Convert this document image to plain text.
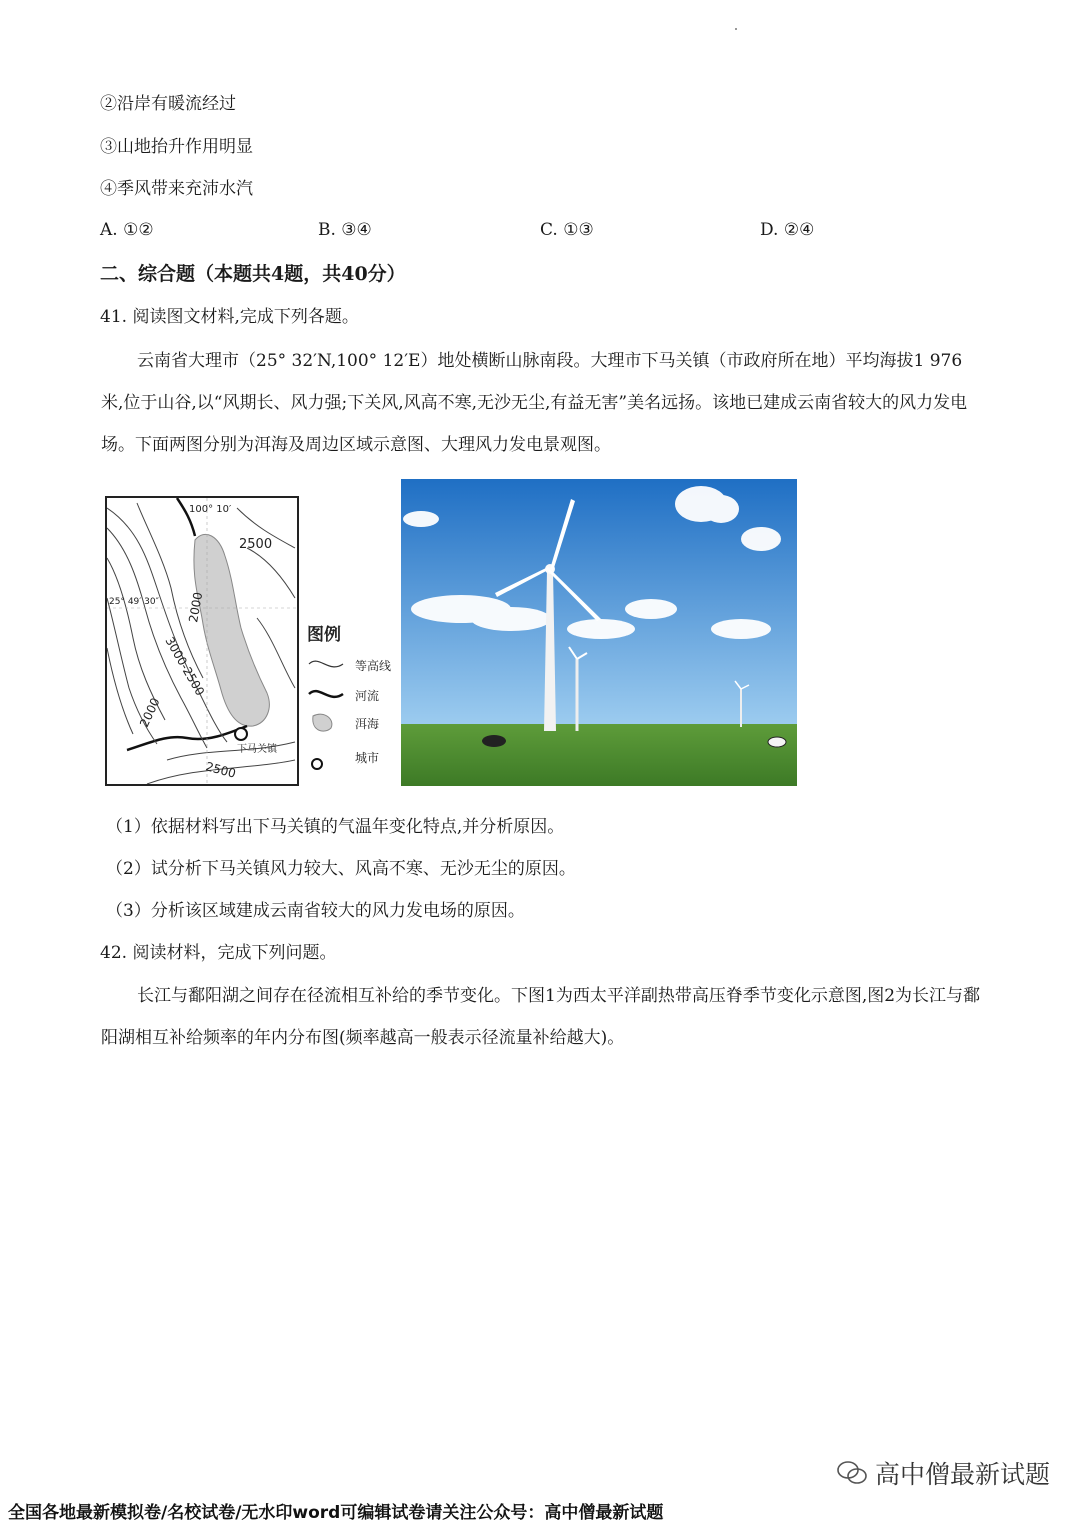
②沿岸有暖流经过
③山地抬升作用明显
④季风带来充沛水汽
A. ①②	B. ③④	C. ①③	D. ②④
二、综合题（本题共4题，共40分）
41. 阅读图文材料,完成下列各题。
云南省大理市（25° 32′N,100° 12′E）地处横断山脉南段。大理市下马关镇（市政府所在地）平均海拔1 976米,位于山谷,以“风期长、风力强;下关风,风高不寒,无沙无尘,有益无害”美名远扬。该地已建成云南省较大的风力发电场。下面两图分别为洱海及周边区域示意图、大理风力发电景观图。
100° 10′
25° 49′ 30″
2500
2000
3000-2500
2000
2500
下马关镇
图例
等高线
河流
洱海
城市
（1）依据材料写出下马关镇的气温年变化特点,并分析原因。
（2）试分析下马关镇风力较大、风高不寒、无沙无尘的原因。
（3）分析该区域建成云南省较大的风力发电场的原因。
42. 阅读材料，完成下列问题。
长江与鄱阳湖之间存在径流相互补给的季节变化。下图1为西太平洋副热带高压脊季节变化示意图,图2为长江与鄱阳湖相互补给频率的年内分布图(频率越高一般表示径流量补给越大)。
高中僧最新试题
全国各地最新模拟卷/名校试卷/无水印word可编辑试卷请关注公众号：高中僧最新试题
